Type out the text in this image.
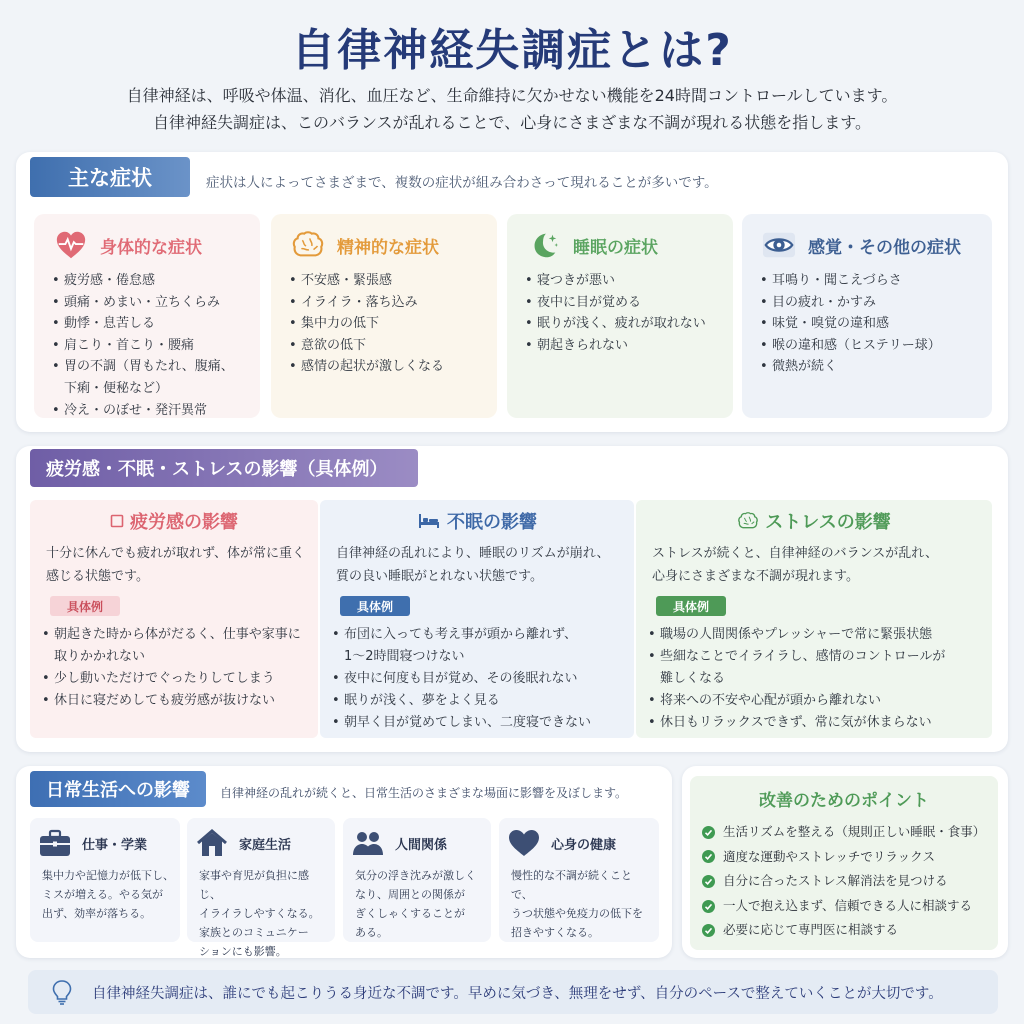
自律神経失調症とは?
自律神経は、呼吸や体温、消化、血圧など、生命維持に欠かせない機能を24時間コントロールしています。
自律神経失調症は、このバランスが乱れることで、心身にさまざまな不調が現れる状態を指します。
主な症状	症状は人によってさまざまで、複数の症状が組み合わさって現れることが多いです。
身体的な症状
• 疲労感・倦怠感
• 頭痛・めまい・立ちくらみ
• 動悸・息苦しる
• 肩こり・首こり・腰痛
• 胃の不調（胃もたれ、腹痛、
下痢・便秘など）
• 冷え・のぼせ・発汗異常
精神的な症状
• 不安感・緊張感
• イライラ・落ち込み
• 集中力の低下
• 意欲の低下
• 感情の起状が激しくなる
睡眠の症状
• 寝つきが悪い
• 夜中に目が覚める
• 眠りが浅く、疲れが取れない
• 朝起きられない
感覚・その他の症状
• 耳鳴り・聞こえづらさ
• 目の疲れ・かすみ
• 味覚・嗅覚の違和感
• 喉の違和感（ヒステリー球）
• 微熱が続く
疲労感・不眠・ストレスの影響（具体例）
疲労感の影響
十分に休んでも疲れが取れず、体が常に重く
感じる状態です。
具体例
• 朝起きた時から体がだるく、仕事や家事に
取りかかれない
• 少し動いただけでぐったりしてしまう
• 休日に寝だめしても疲労感が抜けない
不眠の影響
自律神経の乱れにより、睡眠のリズムが崩れ、
質の良い睡眠がとれない状態です。
具体例
• 布団に入っても考え事が頭から離れず、
1〜2時間寝つけない
• 夜中に何度も目が覚め、その後眠れない
• 眠りが浅く、夢をよく見る
• 朝早く目が覚めてしまい、二度寝できない
ストレスの影響
ストレスが続くと、自律神経のバランスが乱れ、
心身にさまざまな不調が現れます。
具体例
• 職場の人間関係やプレッシャーで常に緊張状態
• 些細なことでイライラし、感情のコントロールが
難しくなる
• 将来への不安や心配が頭から離れない
• 休日もリラックスできず、常に気が休まらない
日常生活への影響	自律神経の乱れが続くと、日常生活のさまざまな場面に影響を及ぼします。
仕事・学業
集中力や記憶力が低下し、
ミスが増える。やる気が
出ず、効率が落ちる。
家庭生活
家事や育児が負担に感じ、
イライラしやすくなる。
家族とのコミュニケー
ションにも影響。
人間関係
気分の浮き沈みが激しく
なり、周囲との関係が
ぎくしゃくすることが
ある。
心身の健康
慢性的な不調が続くことで、
うつ状態や免疫力の低下を
招きやすくなる。
改善のためのポイント
生活リズムを整える（規則正しい睡眠・食事）
適度な運動やストレッチでリラックス
自分に合ったストレス解消法を見つける
一人で抱え込まず、信頼できる人に相談する
必要に応じて専門医に相談する
自律神経失調症は、誰にでも起こりうる身近な不調です。早めに気づき、無理をせず、自分のペースで整えていくことが大切です。
